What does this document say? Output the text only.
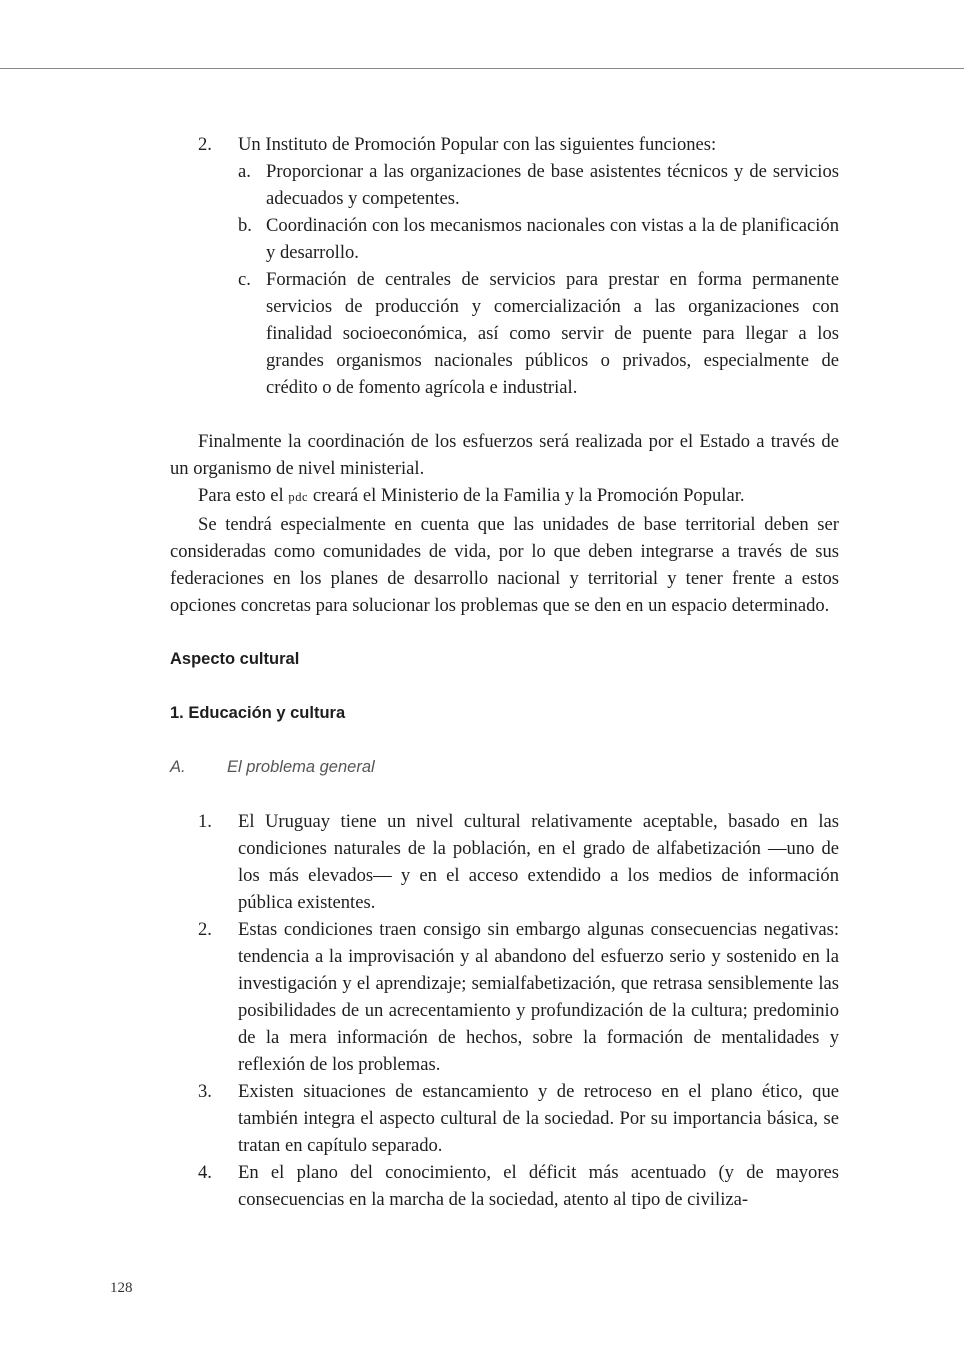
2. Un Instituto de Promoción Popular con las siguientes funciones:
a. Proporcionar a las organizaciones de base asistentes técnicos y de servicios adecuados y competentes.
b. Coordinación con los mecanismos nacionales con vistas a la de planificación y desarrollo.
c. Formación de centrales de servicios para prestar en forma permanente servicios de producción y comercialización a las organizaciones con finalidad socioeconómica, así como servir de puente para llegar a los grandes organismos nacionales públicos o privados, especialmente de crédito o de fomento agrícola e industrial.
Finalmente la coordinación de los esfuerzos será realizada por el Estado a través de un organismo de nivel ministerial.
Para esto el pdc creará el Ministerio de la Familia y la Promoción Popular.
Se tendrá especialmente en cuenta que las unidades de base territorial deben ser consideradas como comunidades de vida, por lo que deben integrarse a través de sus federaciones en los planes de desarrollo nacional y territorial y tener frente a estos opciones concretas para solucionar los problemas que se den en un espacio determinado.
Aspecto cultural
1. Educación y cultura
A.	El problema general
1. El Uruguay tiene un nivel cultural relativamente aceptable, basado en las condiciones naturales de la población, en el grado de alfabetización —uno de los más elevados— y en el acceso extendido a los medios de información pública existentes.
2. Estas condiciones traen consigo sin embargo algunas consecuencias negativas: tendencia a la improvisación y al abandono del esfuerzo serio y sostenido en la investigación y el aprendizaje; semialfabetización, que retrasa sensiblemente las posibilidades de un acrecentamiento y profundización de la cultura; predominio de la mera información de hechos, sobre la formación de mentalidades y reflexión de los problemas.
3. Existen situaciones de estancamiento y de retroceso en el plano ético, que también integra el aspecto cultural de la sociedad. Por su importancia básica, se tratan en capítulo separado.
4. En el plano del conocimiento, el déficit más acentuado (y de mayores consecuencias en la marcha de la sociedad, atento al tipo de civiliza-
128
